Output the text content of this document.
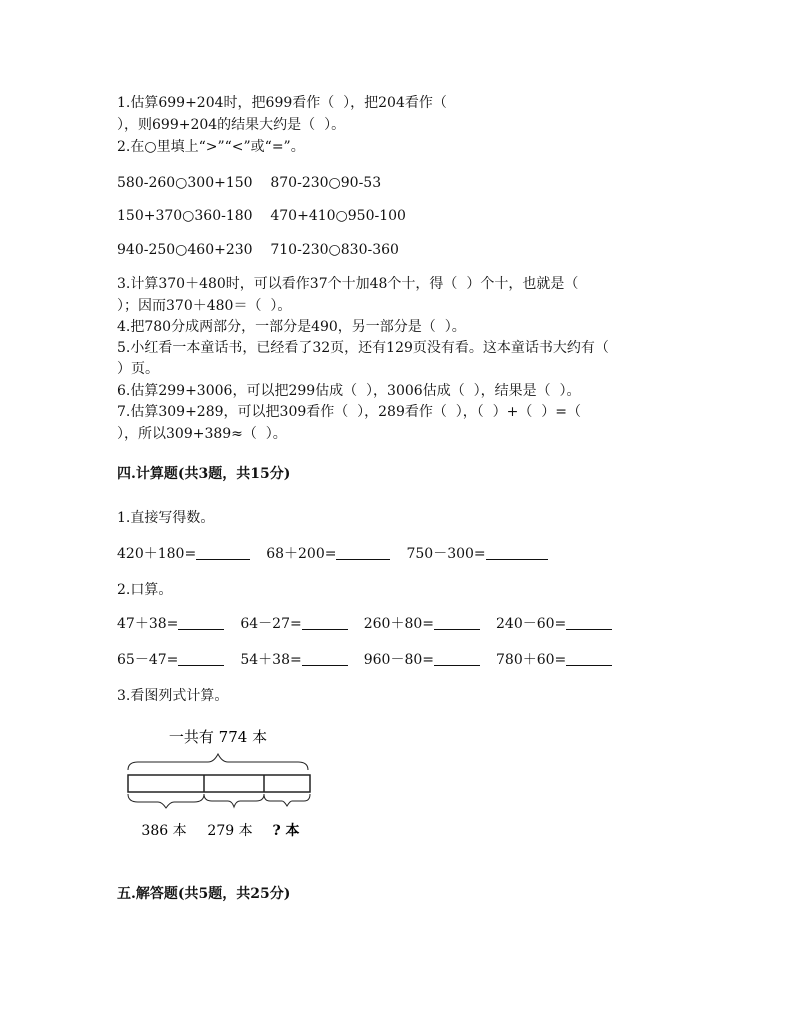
1.估算699+204时，把699看作（  ），把204看作（
），则699+204的结果大约是（  ）。
2.在○里填上“>”“<”或“=”。
580-260○300+150    870-230○90-53
150+370○360-180    470+410○950-100
940-250○460+230    710-230○830-360
3.计算370＋480时，可以看作37个十加48个十，得（  ）个十，也就是（
）；因而370＋480＝（  ）。
4.把780分成两部分，一部分是490，另一部分是（  ）。
5.小红看一本童话书，已经看了32页，还有129页没有看。这本童话书大约有（
）页。
6.估算299+3006，可以把299估成（  ），3006估成（  ），结果是（  ）。
7.估算309+289，可以把309看作（  ），289看作（  ），（  ）+（  ）=（
），所以309+389≈（  ）。
四.计算题(共3题，共15分)
1.直接写得数。
420＋180=	68＋200=	750－300=
2.口算。
47＋38=	64－27=	260＋80=	240－60=
65－47=	54＋38=	960－80=	780＋60=
3.看图列式计算。
一共有 774 本
386 本 279 本 ? 本
五.解答题(共5题，共25分)
